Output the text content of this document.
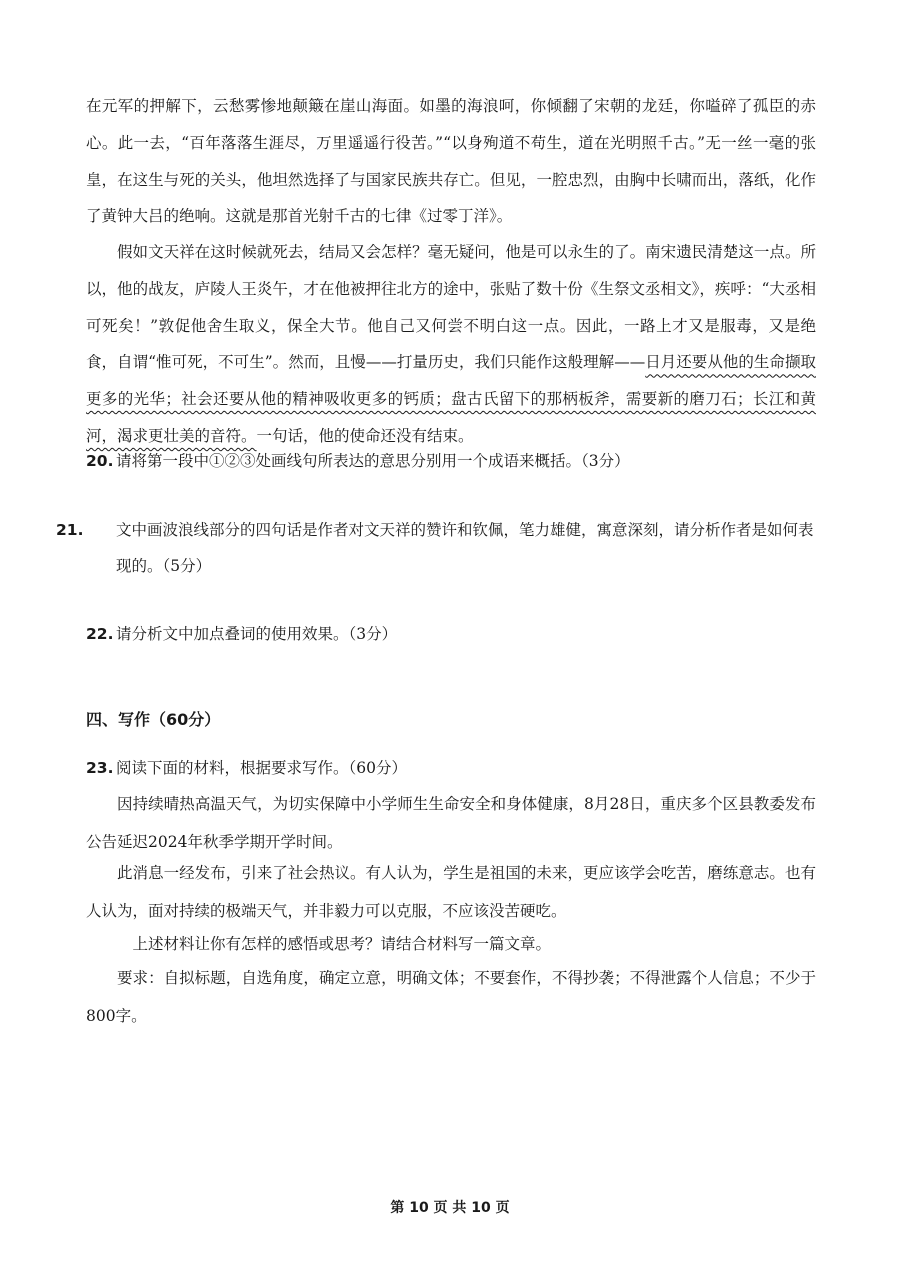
在元军的押解下，云愁雾惨地颠簸在崖山海面。如墨的海浪呵，你倾翻了宋朝的龙廷，你嗌碎了孤臣的赤心。此一去，“百年落落生涯尽，万里遥遥行役苦。”“以身殉道不苟生，道在光明照千古。”无一丝一毫的张皇，在这生与死的关头，他坦然选择了与国家民族共存亡。但见，一腔忠烈，由胸中长啸而出，落纸，化作了黄钟大吕的绝响。这就是那首光射千古的七律《过零丁洋》。
假如文天祥在这时候就死去，结局又会怎样？毫无疑问，他是可以永生的了。南宋遗民清楚这一点。所以，他的战友，庐陵人王炎午，才在他被押往北方的途中，张贴了数十份《生祭文丞相文》，疾呼：“大丞相可死矣！”敦促他舍生取义，保全大节。他自己又何尝不明白这一点。因此，一路上才又是服毒，又是绝食，自谓“惟可死，不可生”。然而，且慢——打量历史，我们只能作这般理解——日月还要从他的生命撷取更多的光华；社会还要从他的精神吸收更多的钙质；盘古氏留下的那柄板斧，需要新的磨刀石；长江和黄河，渴求更壮美的音符。一句话，他的使命还没有结束。
20. 请将第一段中①②③处画线句所表达的意思分别用一个成语来概括。（3分）
21. 文中画波浪线部分的四句话是作者对文天祥的赞许和钦佩，笔力雄健，寓意深刻，请分析作者是如何表现的。（5分）
22. 请分析文中加点叠词的使用效果。（3分）
四、写作（60分）
23. 阅读下面的材料，根据要求写作。（60分）
因持续晴热高温天气，为切实保障中小学师生生命安全和身体健康，8月28日，重庆多个区县教委发布公告延迟2024年秋季学期开学时间。
此消息一经发布，引来了社会热议。有人认为，学生是祖国的未来，更应该学会吃苦，磨练意志。也有人认为，面对持续的极端天气，并非毅力可以克服，不应该没苦硬吃。
上述材料让你有怎样的感悟或思考？请结合材料写一篇文章。
要求：自拟标题，自选角度，确定立意，明确文体；不要套作，不得抄袭；不得泄露个人信息；不少于800字。
第 10 页 共 10 页
